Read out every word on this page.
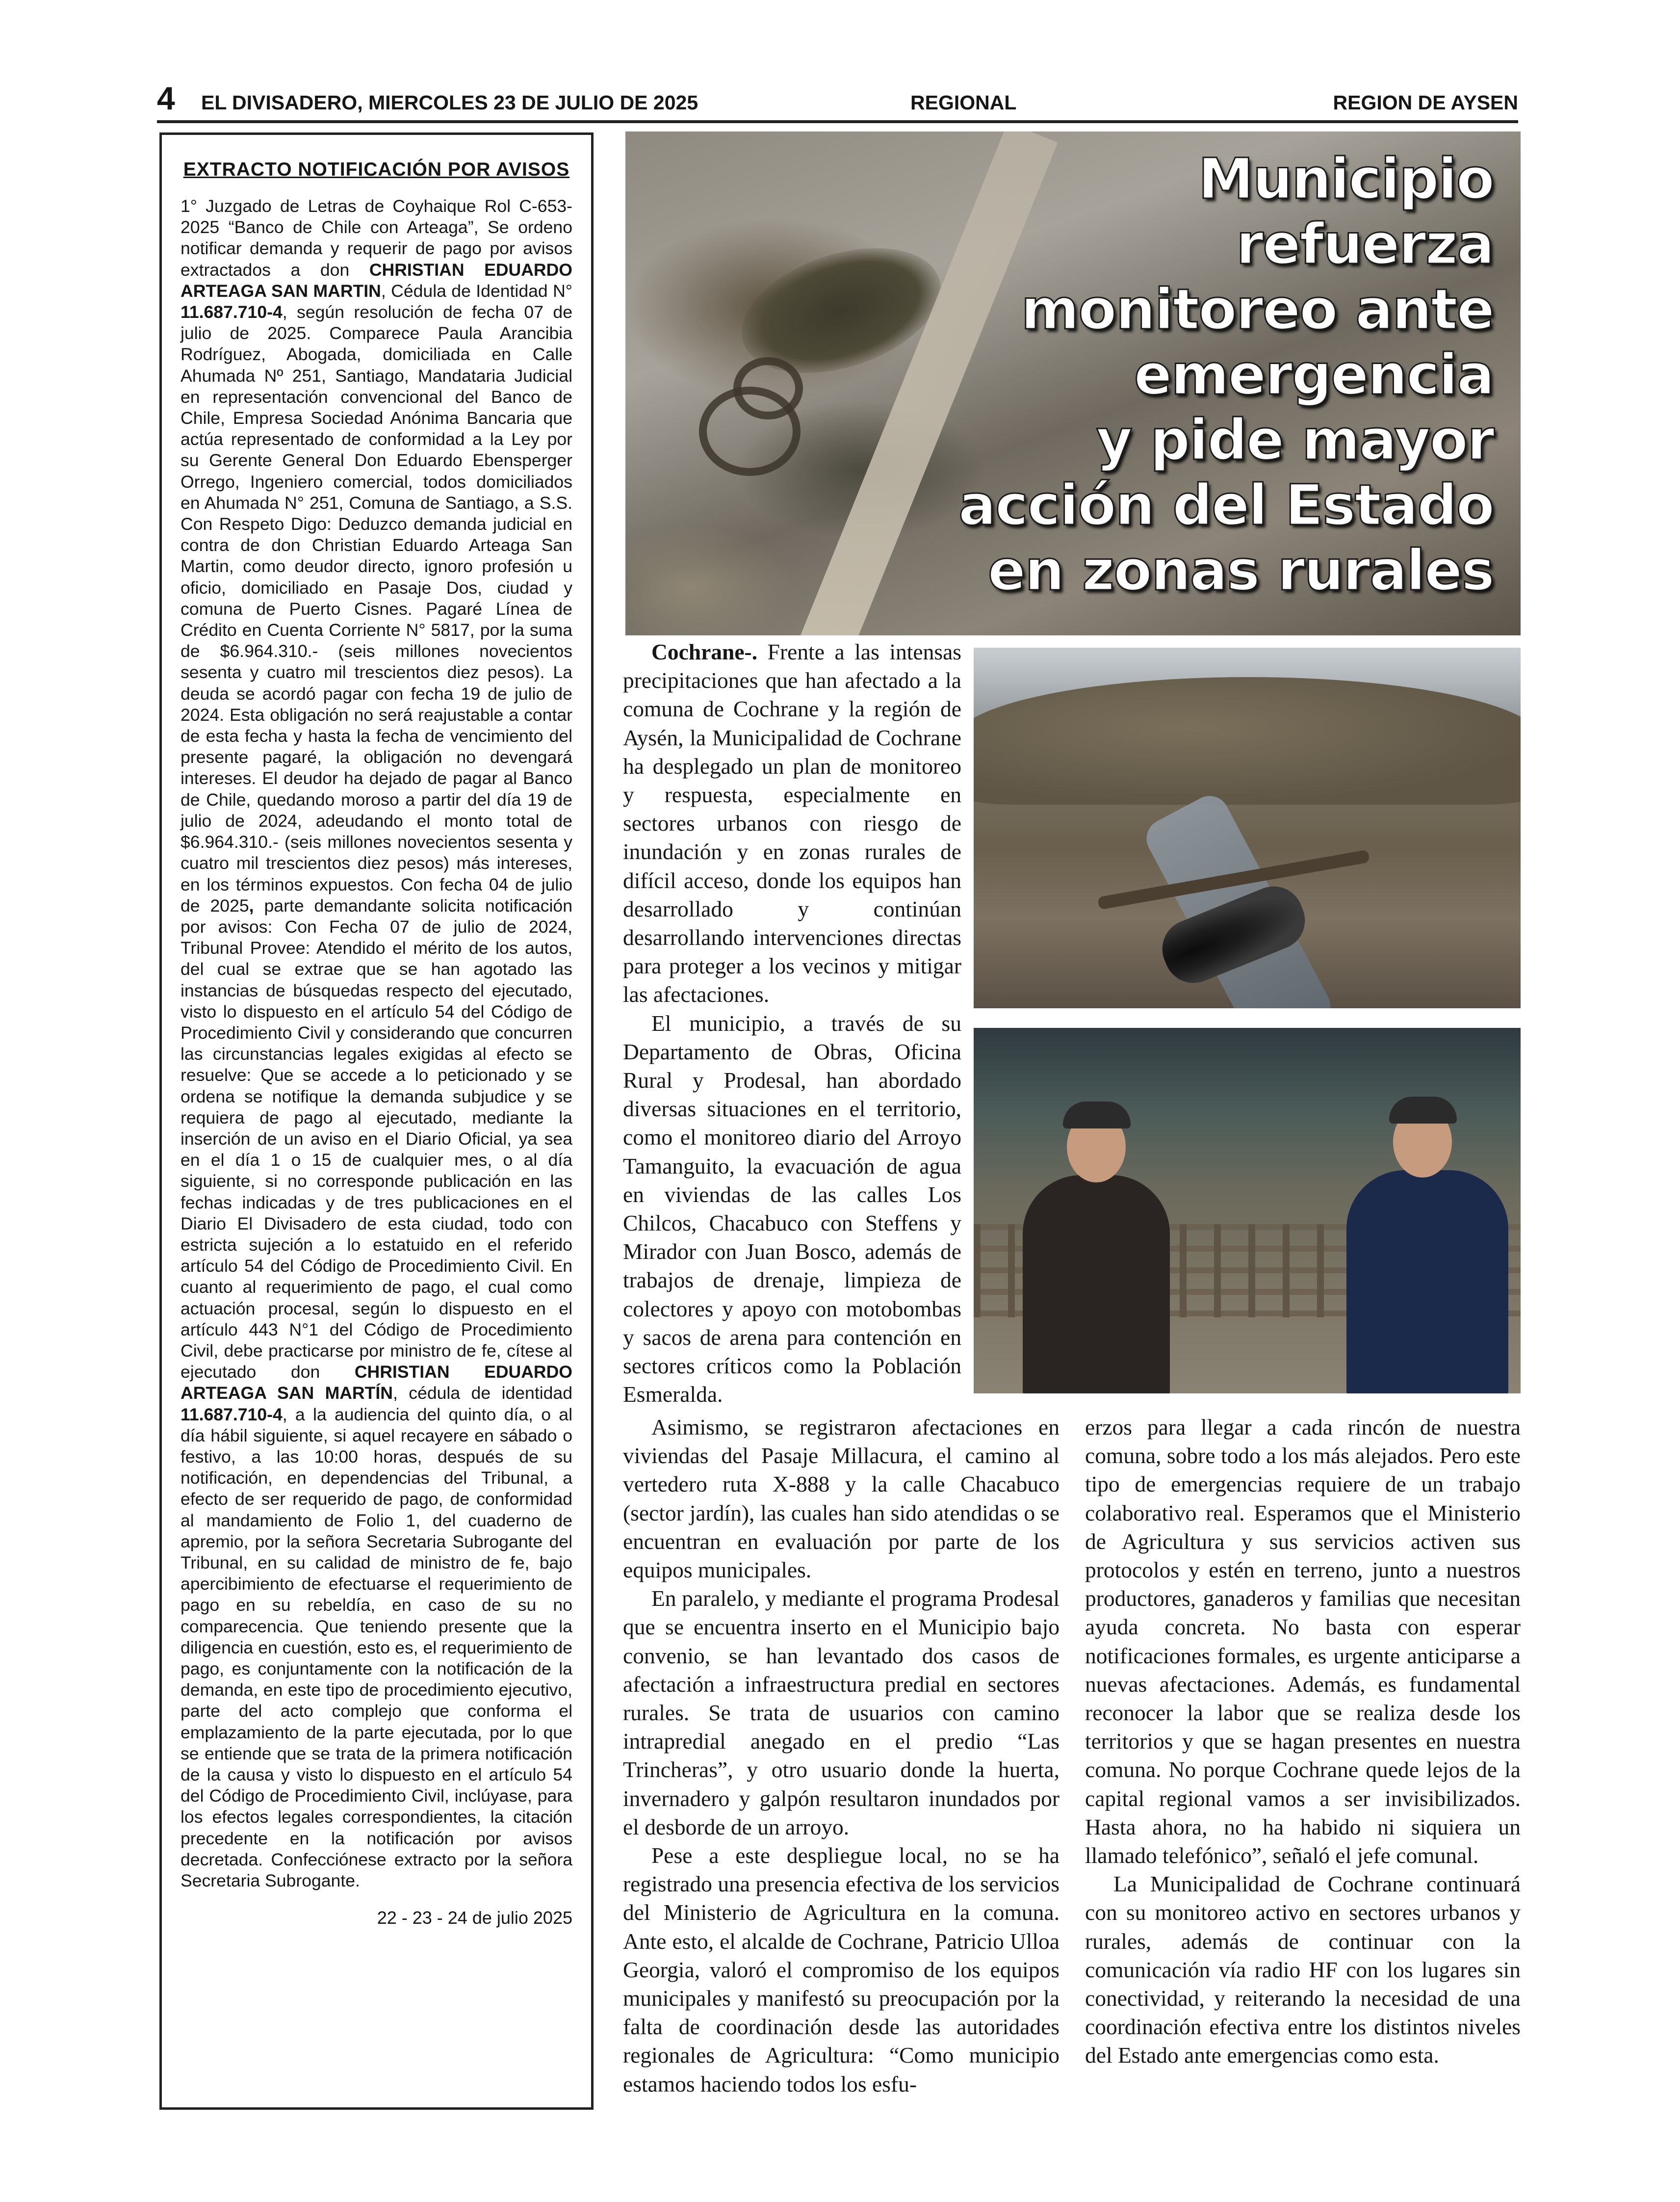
4 EL DIVISADERO, MIERCOLES 23 DE JULIO DE 2025	REGIONAL	REGION DE AYSEN
EXTRACTO NOTIFICACIÓN POR AVISOS

1° Juzgado de Letras de Coyhaique Rol C-653-2025 “Banco de Chile con Arteaga”, Se ordeno notificar demanda y requerir de pago por avisos extractados a don CHRISTIAN EDUARDO ARTEAGA SAN MARTIN, Cédula de Identidad N° 11.687.710-4, según resolución de fecha 07 de julio de 2025. Comparece Paula Arancibia Rodríguez, Abogada, domiciliada en Calle Ahumada Nº 251, Santiago, Mandataria Judicial en representación convencional del Banco de Chile, Empresa Sociedad Anónima Bancaria que actúa representado de conformidad a la Ley por su Gerente General Don Eduardo Ebensperger Orrego, Ingeniero comercial, todos domiciliados en Ahumada N° 251, Comuna de Santiago, a S.S. Con Respeto Digo: Deduzco demanda judicial en contra de don Christian Eduardo Arteaga San Martin, como deudor directo, ignoro profesión u oficio, domiciliado en Pasaje Dos, ciudad y comuna de Puerto Cisnes. Pagaré Línea de Crédito en Cuenta Corriente N° 5817, por la suma de $6.964.310.- (seis millones novecientos sesenta y cuatro mil trescientos diez pesos). La deuda se acordó pagar con fecha 19 de julio de 2024. Esta obligación no será reajustable a contar de esta fecha y hasta la fecha de vencimiento del presente pagaré, la obligación no devengará intereses. El deudor ha dejado de pagar al Banco de Chile, quedando moroso a partir del día 19 de julio de 2024, adeudando el monto total de $6.964.310.- (seis millones novecientos sesenta y cuatro mil trescientos diez pesos) más intereses, en los términos expuestos. Con fecha 04 de julio de 2025, parte demandante solicita notificación por avisos: Con Fecha 07 de julio de 2024, Tribunal Provee: Atendido el mérito de los autos, del cual se extrae que se han agotado las instancias de búsquedas respecto del ejecutado, visto lo dispuesto en el artículo 54 del Código de Procedimiento Civil y considerando que concurren las circunstancias legales exigidas al efecto se resuelve: Que se accede a lo peticionado y se ordena se notifique la demanda subjudice y se requiera de pago al ejecutado, mediante la inserción de un aviso en el Diario Oficial, ya sea en el día 1 o 15 de cualquier mes, o al día siguiente, si no corresponde publicación en las fechas indicadas y de tres publicaciones en el Diario El Divisadero de esta ciudad, todo con estricta sujeción a lo estatuido en el referido artículo 54 del Código de Procedimiento Civil. En cuanto al requerimiento de pago, el cual como actuación procesal, según lo dispuesto en el artículo 443 N°1 del Código de Procedimiento Civil, debe practicarse por ministro de fe, cítese al ejecutado don CHRISTIAN EDUARDO ARTEAGA SAN MARTÍN, cédula de identidad 11.687.710-4, a la audiencia del quinto día, o al día hábil siguiente, si aquel recayere en sábado o festivo, a las 10:00 horas, después de su notificación, en dependencias del Tribunal, a efecto de ser requerido de pago, de conformidad al mandamiento de Folio 1, del cuaderno de apremio, por la señora Secretaria Subrogante del Tribunal, en su calidad de ministro de fe, bajo apercibimiento de efectuarse el requerimiento de pago en su rebeldía, en caso de su no comparecencia. Que teniendo presente que la diligencia en cuestión, esto es, el requerimiento de pago, es conjuntamente con la notificación de la demanda, en este tipo de procedimiento ejecutivo, parte del acto complejo que conforma el emplazamiento de la parte ejecutada, por lo que se entiende que se trata de la primera notificación de la causa y visto lo dispuesto en el artículo 54 del Código de Procedimiento Civil, inclúyase, para los efectos legales correspondientes, la citación precedente en la notificación por avisos decretada. Confecciónese extracto por la señora Secretaria Subrogante.

22 - 23 - 24 de julio 2025
Municipio
refuerza
monitoreo ante
emergencia
y pide mayor
acción del Estado
en zonas rurales

Cochrane-. Frente a las intensas precipitaciones que han afectado a la comuna de Cochrane y la región de Aysén, la Municipalidad de Cochrane ha desplegado un plan de monitoreo y respuesta, especialmente en sectores urbanos con riesgo de inundación y en zonas rurales de difícil acceso, donde los equipos han desarrollado y continúan desarrollando intervenciones directas para proteger a los vecinos y mitigar las afectaciones.

El municipio, a través de su Departamento de Obras, Oficina Rural y Prodesal, han abordado diversas situaciones en el territorio, como el monitoreo diario del Arroyo Tamanguito, la evacuación de agua en viviendas de las calles Los Chilcos, Chacabuco con Steffens y Mirador con Juan Bosco, además de trabajos de drenaje, limpieza de colectores y apoyo con motobombas y sacos de arena para contención en sectores críticos como la Población Esmeralda.

Asimismo, se registraron afectaciones en viviendas del Pasaje Millacura, el camino al vertedero ruta X-888 y la calle Chacabuco (sector jardín), las cuales han sido atendidas o se encuentran en evaluación por parte de los equipos municipales.

En paralelo, y mediante el programa Prodesal que se encuentra inserto en el Municipio bajo convenio, se han levantado dos casos de afectación a infraestructura predial en sectores rurales. Se trata de usuarios con camino intrapredial anegado en el predio “Las Trincheras”, y otro usuario donde la huerta, invernadero y galpón resultaron inundados por el desborde de un arroyo.

Pese a este despliegue local, no se ha registrado una presencia efectiva de los servicios del Ministerio de Agricultura en la comuna. Ante esto, el alcalde de Cochrane, Patricio Ulloa Georgia, valoró el compromiso de los equipos municipales y manifestó su preocupación por la falta de coordinación desde las autoridades regionales de Agricultura: “Como municipio estamos haciendo todos los esfu-

erzos para llegar a cada rincón de nuestra comuna, sobre todo a los más alejados. Pero este tipo de emergencias requiere de un trabajo colaborativo real. Esperamos que el Ministerio de Agricultura y sus servicios activen sus protocolos y estén en terreno, junto a nuestros productores, ganaderos y familias que necesitan ayuda concreta. No basta con esperar notificaciones formales, es urgente anticiparse a nuevas afectaciones. Además, es fundamental reconocer la labor que se realiza desde los territorios y que se hagan presentes en nuestra comuna. No porque Cochrane quede lejos de la capital regional vamos a ser invisibilizados. Hasta ahora, no ha habido ni siquiera un llamado telefónico”, señaló el jefe comunal.

La Municipalidad de Cochrane continuará con su monitoreo activo en sectores urbanos y rurales, además de continuar con la comunicación vía radio HF con los lugares sin conectividad, y reiterando la necesidad de una coordinación efectiva entre los distintos niveles del Estado ante emergencias como esta.
